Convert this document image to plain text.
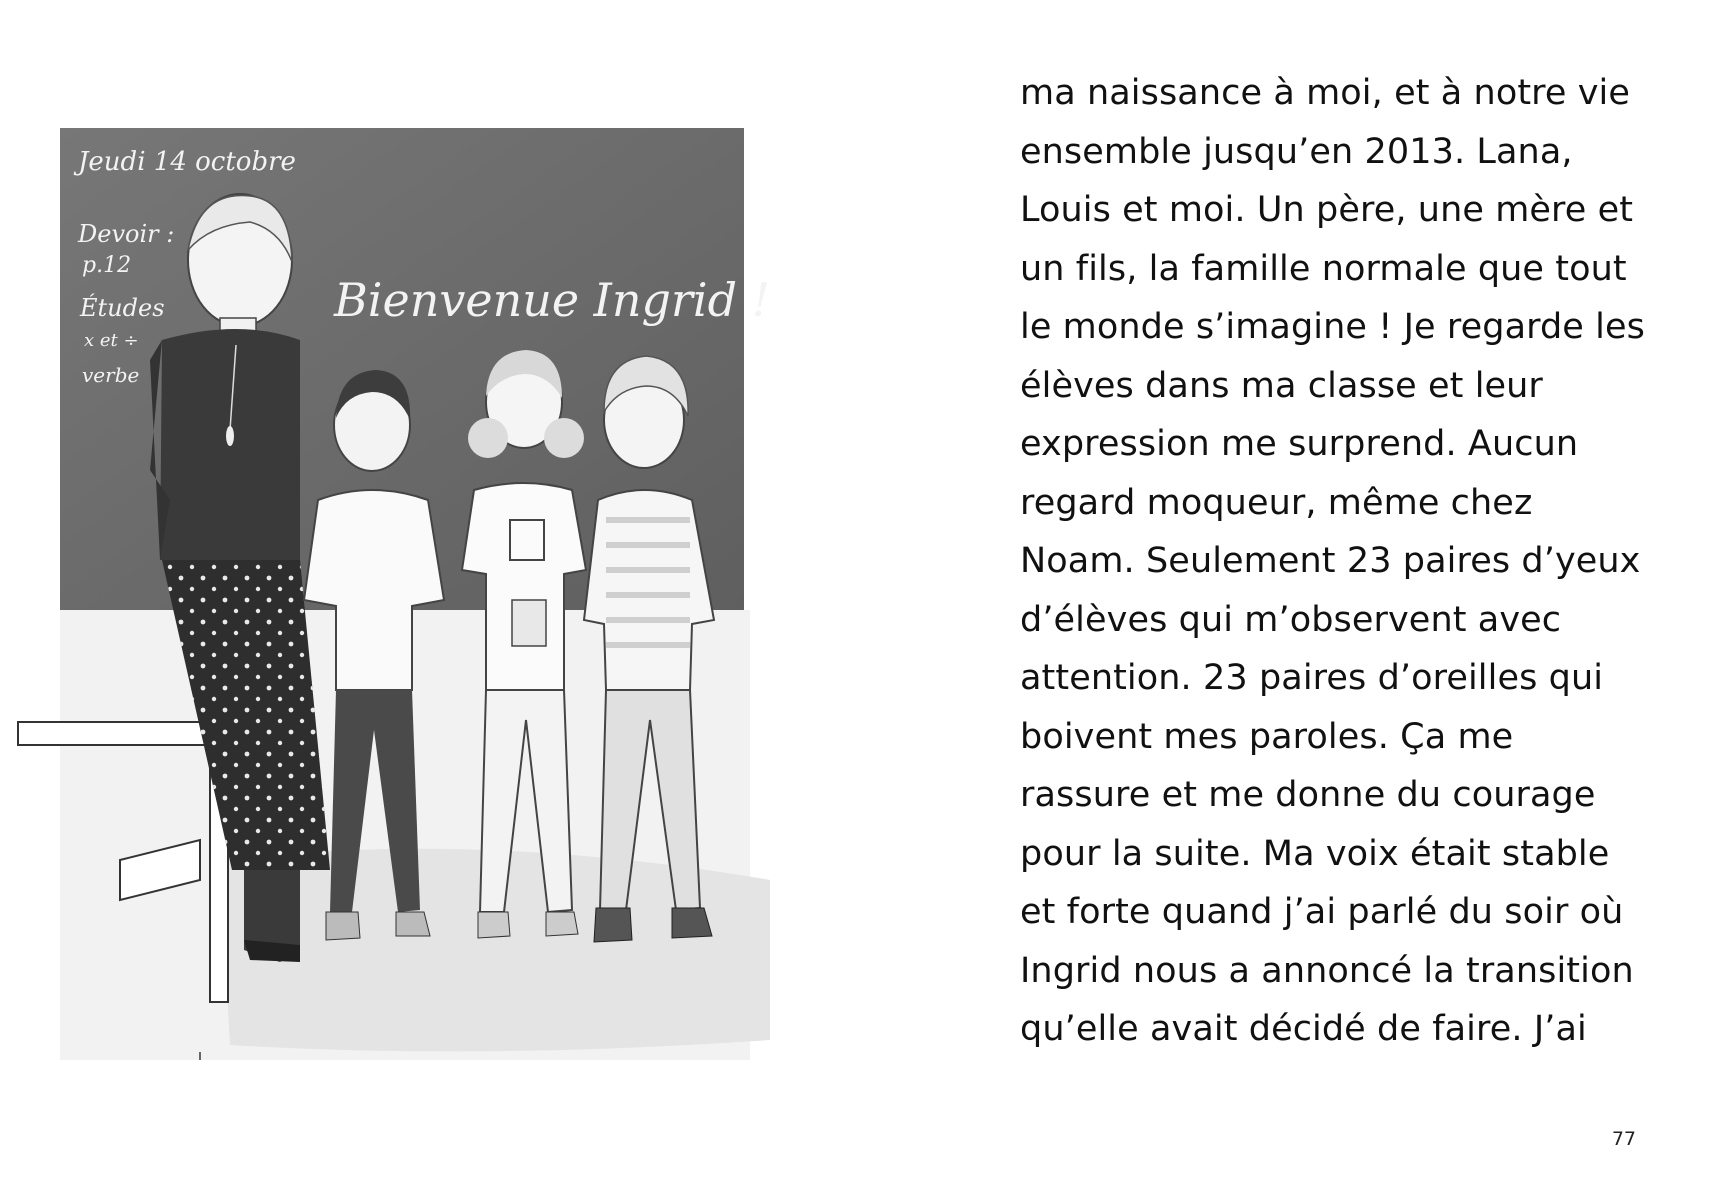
Jeudi 14 octobre
Devoir :
p.12
Études
x et ÷
verbe
Bienvenue Ingrid !
ma naissance à moi, et à notre vie
ensemble jusqu’en 2013. Lana,
Louis et moi. Un père, une mère et
un fils, la famille normale que tout
le monde s’imagine ! Je regarde les
élèves dans ma classe et leur
expression me surprend. Aucun
regard moqueur, même chez
Noam. Seulement 23 paires d’yeux
d’élèves qui m’observent avec
attention. 23 paires d’oreilles qui
boivent mes paroles. Ça me
rassure et me donne du courage
pour la suite. Ma voix était stable
et forte quand j’ai parlé du soir où
Ingrid nous a annoncé la transition
qu’elle avait décidé de faire. J’ai
77
